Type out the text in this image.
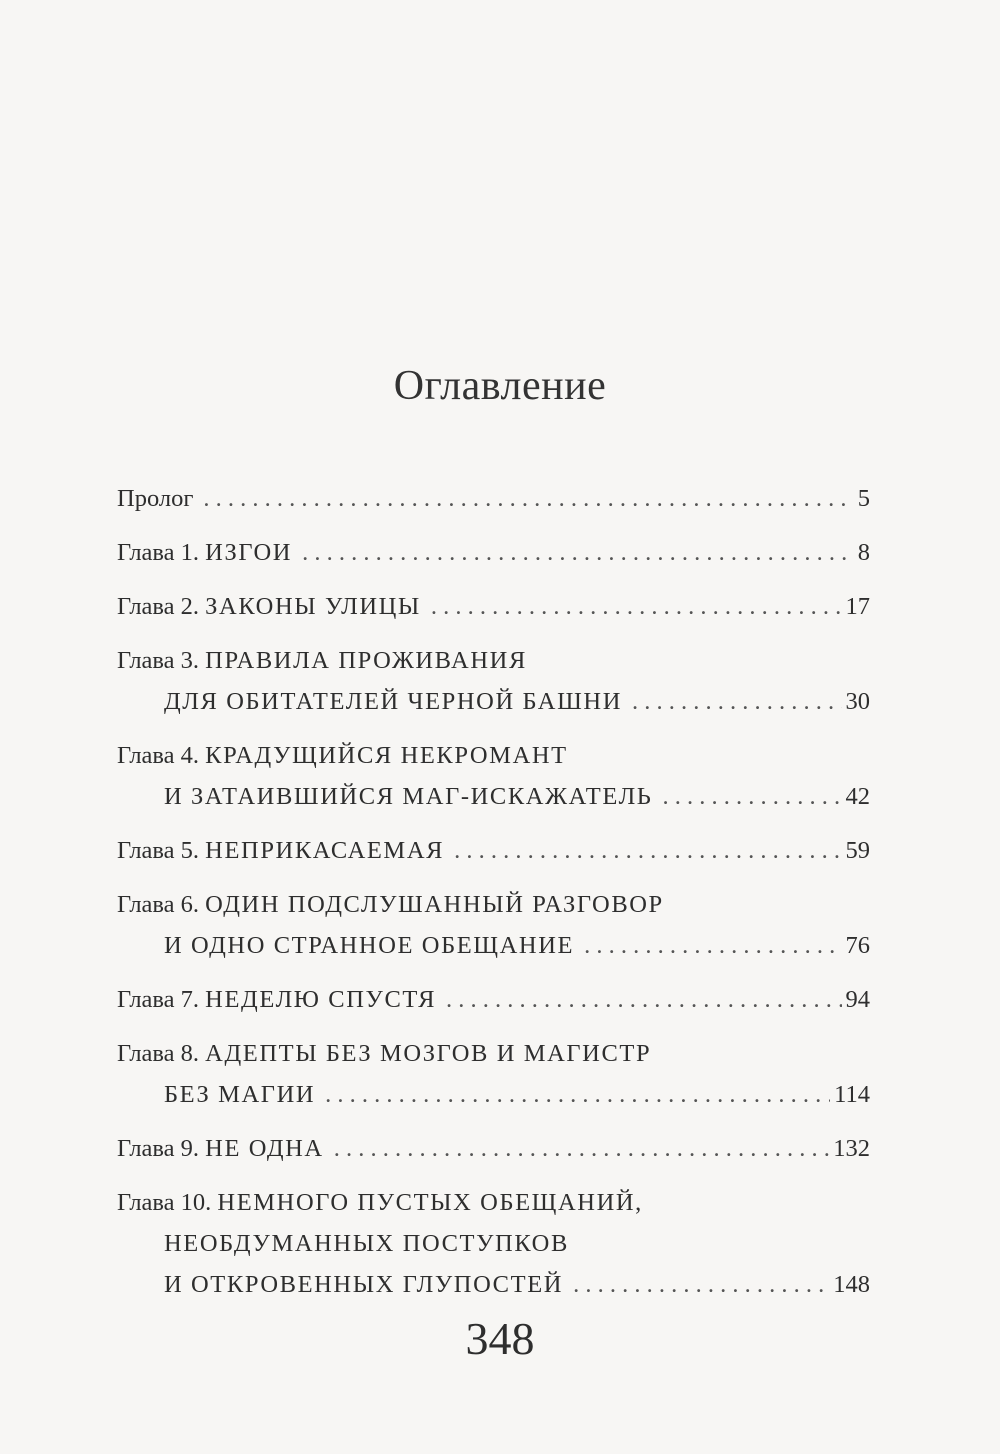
Оглавление
Пролог . . .	5
Глава 1. ИЗГОИ . . .	8
Глава 2. ЗАКОНЫ УЛИЦЫ . . .	17
Глава 3. ПРАВИЛА ПРОЖИВАНИЯ
ДЛЯ ОБИТАТЕЛЕЙ ЧЕРНОЙ БАШНИ . . .	30
Глава 4. КРАДУЩИЙСЯ НЕКРОМАНТ
И ЗАТАИВШИЙСЯ МАГ-ИСКАЖАТЕЛЬ . . .	42
Глава 5. НЕПРИКАСАЕМАЯ . . .	59
Глава 6. ОДИН ПОДСЛУШАННЫЙ РАЗГОВОР
И ОДНО СТРАННОЕ ОБЕЩАНИЕ . . .	76
Глава 7. НЕДЕЛЮ СПУСТЯ . . .	94
Глава 8. АДЕПТЫ БЕЗ МОЗГОВ И МАГИСТР
БЕЗ МАГИИ . . .	114
Глава 9. НЕ ОДНА . . .	132
Глава 10. НЕМНОГО ПУСТЫХ ОБЕЩАНИЙ,
НЕОБДУМАННЫХ ПОСТУПКОВ
И ОТКРОВЕННЫХ ГЛУПОСТЕЙ . . .	148
348
